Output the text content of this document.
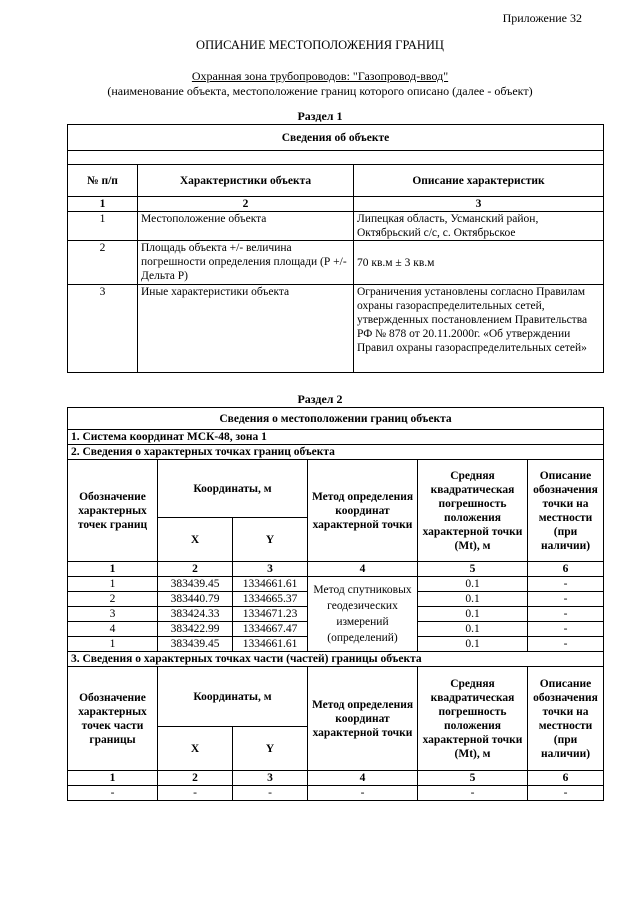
Приложение 32
ОПИСАНИЕ МЕСТОПОЛОЖЕНИЯ ГРАНИЦ
Охранная зона трубопроводов: "Газопровод-ввод"
(наименование объекта, местоположение границ которого описано (далее - объект)
Раздел 1
Сведения об объекте		

№ п/п	Характеристики объекта	Описание характеристик
1	2	3
1	Местоположение объекта	Липецкая область, Усманский район, Октябрьский с/с, с. Октябрьское
2	Площадь объекта +/- величина погрешности определения площади (Р +/- Дельта Р)	70 кв.м ± 3 кв.м
3	Иные характеристики объекта	Ограничения установлены согласно Правилам охраны газораспределительных сетей, утвержденных постановлением Правительства РФ № 878 от 20.11.2000г. «Об утверждении Правил охраны газораспределительных сетей»
Раздел 2
Сведения о местоположении границ объекта					
1. Система координат МСК-48, зона 1					
2. Сведения о характерных точках границ объекта					
Обозначение характерных точек границ	Координаты, м		Метод определения координат характерной точки	Средняя квадратическая погрешность положения характерной точки (Mt), м	Описание обозначения точки на местности (при наличии)
	X	Y			
1	2	3	4	5	6
1	383439.45	1334661.61	Метод спутниковых геодезических измерений (определений)	0.1	-
2	383440.79	1334665.37		0.1	-
3	383424.33	1334671.23		0.1	-
4	383422.99	1334667.47		0.1	-
1	383439.45	1334661.61		0.1	-
3. Сведения о характерных точках части (частей) границы объекта					
Обозначение характерных точек части границы	Координаты, м		Метод определения координат характерной точки	Средняя квадратическая погрешность положения характерной точки (Mt), м	Описание обозначения точки на местности (при наличии)
	X	Y			
1	2	3	4	5	6
-	-	-	-	-	-
